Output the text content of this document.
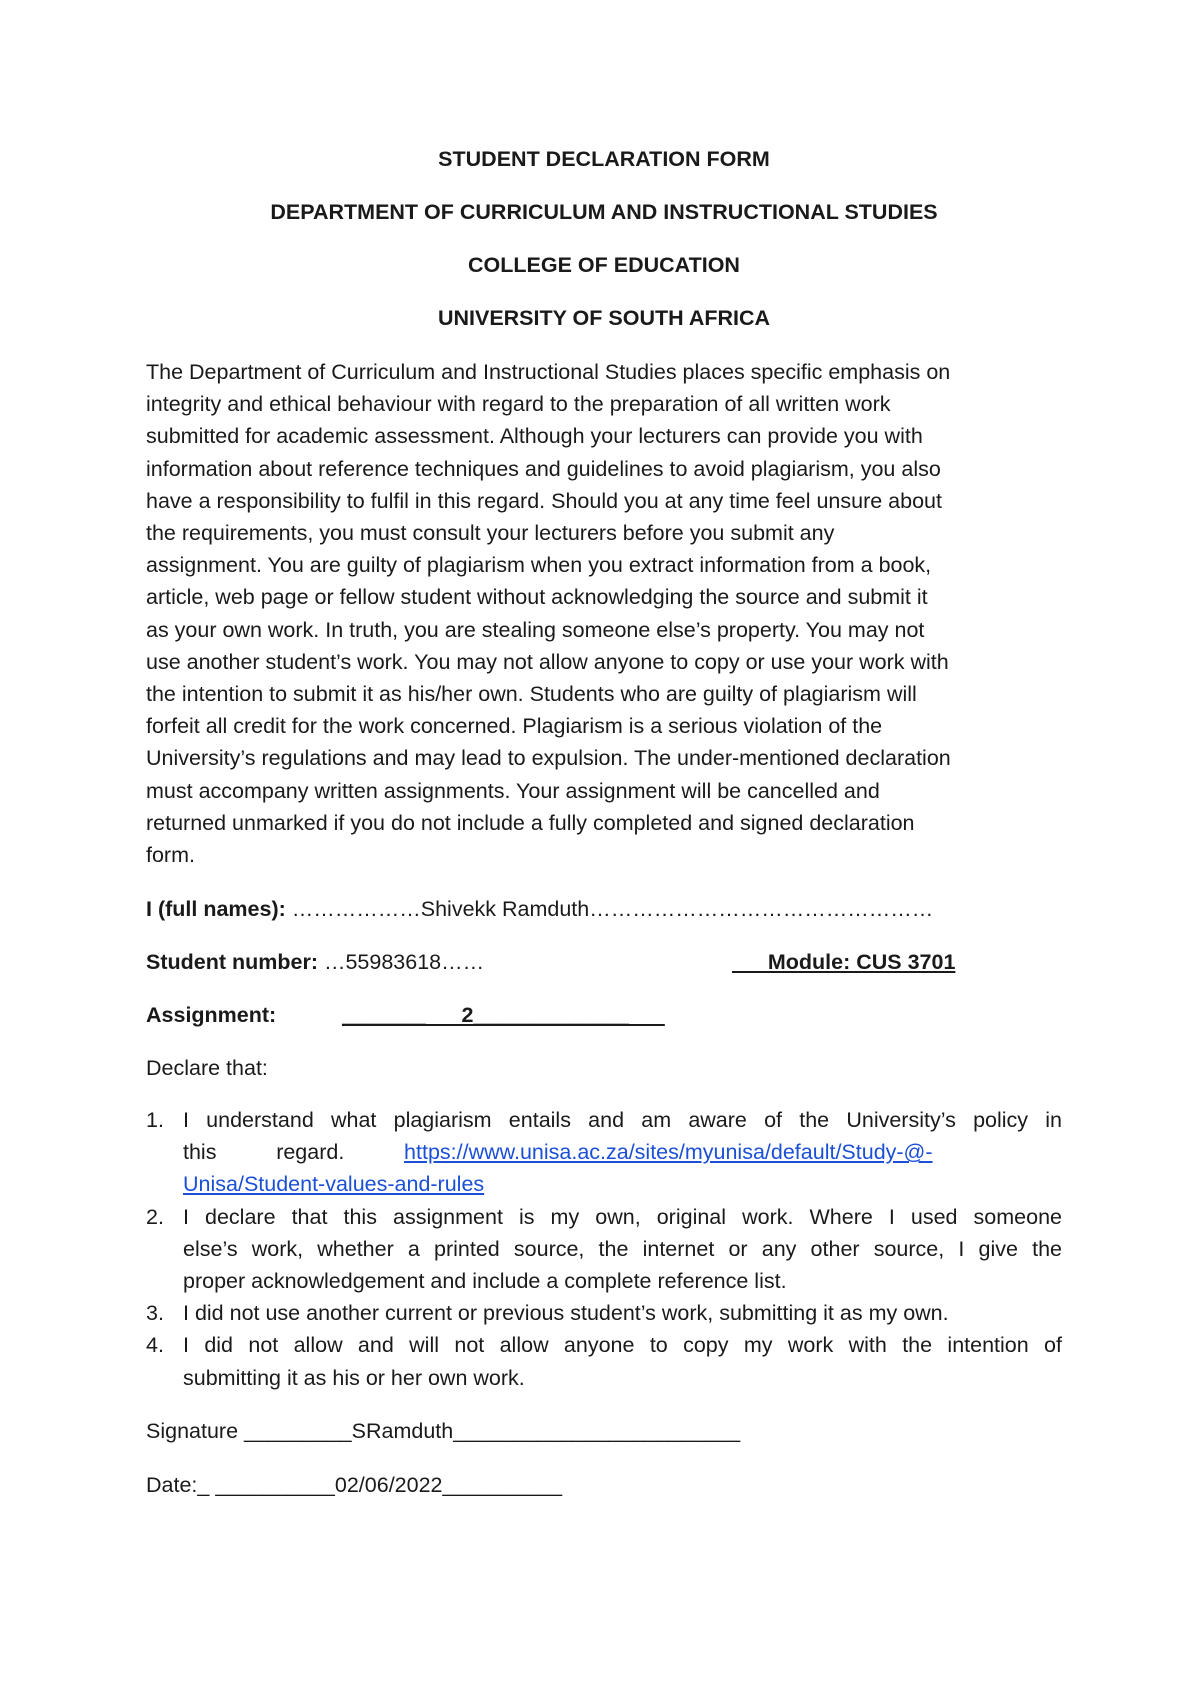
STUDENT DECLARATION FORM
DEPARTMENT OF CURRICULUM AND INSTRUCTIONAL STUDIES
COLLEGE OF EDUCATION
UNIVERSITY OF SOUTH AFRICA

The Department of Curriculum and Instructional Studies places specific emphasis on
integrity and ethical behaviour with regard to the preparation of all written work
submitted for academic assessment. Although your lecturers can provide you with
information about reference techniques and guidelines to avoid plagiarism, you also
have a responsibility to fulfil in this regard. Should you at any time feel unsure about
the requirements, you must consult your lecturers before you submit any
assignment. You are guilty of plagiarism when you extract information from a book,
article, web page or fellow student without acknowledging the source and submit it
as your own work. In truth, you are stealing someone else’s property. You may not
use another student’s work. You may not allow anyone to copy or use your work with
the intention to submit it as his/her own. Students who are guilty of plagiarism will
forfeit all credit for the work concerned. Plagiarism is a serious violation of the
University’s regulations and may lead to expulsion. The under-mentioned declaration
must accompany written assignments. Your assignment will be cancelled and
returned unmarked if you do not include a fully completed and signed declaration
form.

I (full names): ………………Shivekk Ramduth…………………………………………
Student number: …55983618……	Module: CUS 3701
Assignment:	_______      2_____________
Declare that:
1. I understand what plagiarism entails and am aware of the University’s policy in
this          regard.          https://www.unisa.ac.za/sites/myunisa/default/Study-@-
Unisa/Student-values-and-rules
2. I declare that this assignment is my own, original work. Where I used someone
else’s work, whether a printed source, the internet or any other source, I give the
proper acknowledgement and include a complete reference list.
3. I did not use another current or previous student’s work, submitting it as my own.
4. I did not allow and will not allow anyone to copy my work with the intention of
submitting it as his or her own work.
Signature _________SRamduth________________________
Date:_ __________02/06/2022__________
